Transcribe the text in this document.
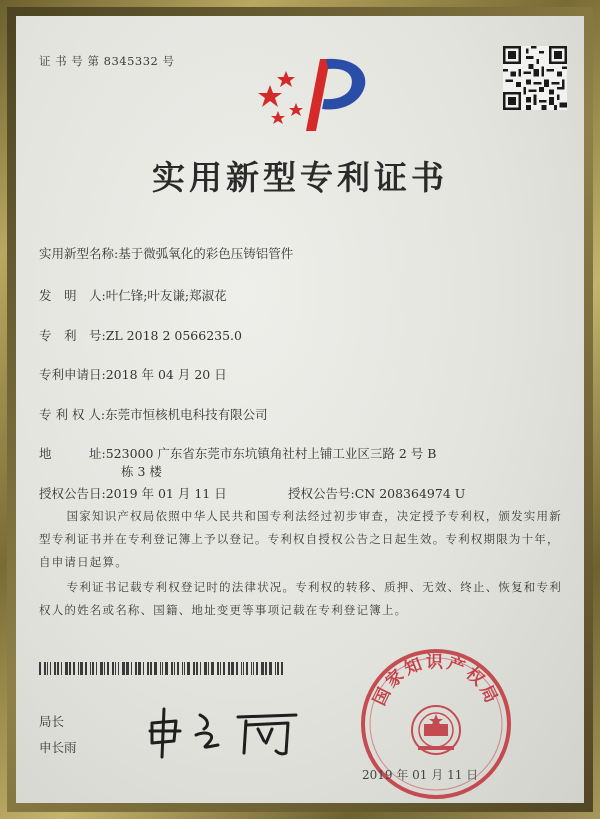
证 书 号 第 8345332 号
实用新型专利证书
实用新型名称:基于微弧氧化的彩色压铸铝管件
发　明　人:叶仁锋;叶友谦;郑淑花
专　利　号:ZL 2018 2 0566235.0
专利申请日:2018 年 04 月 20 日
专 利 权 人:东莞市恒核机电科技有限公司
地　　　址:523000 广东省东莞市东坑镇角社村上铺工业区三路 2 号 B
栋 3 楼
授权公告日:2019 年 01 月 11 日	授权公告号:CN 208364974 U
国家知识产权局依照中华人民共和国专利法经过初步审查，决定授予专利权，颁发实用新型专利证书并在专利登记簿上予以登记。专利权自授权公告之日起生效。专利权期限为十年，自申请日起算。
专利证书记载专利权登记时的法律状况。专利权的转移、质押、无效、终止、恢复和专利权人的姓名或名称、国籍、地址变更等事项记载在专利登记簿上。
局长
申长雨
国家知识产权局
2019 年 01 月 11 日
